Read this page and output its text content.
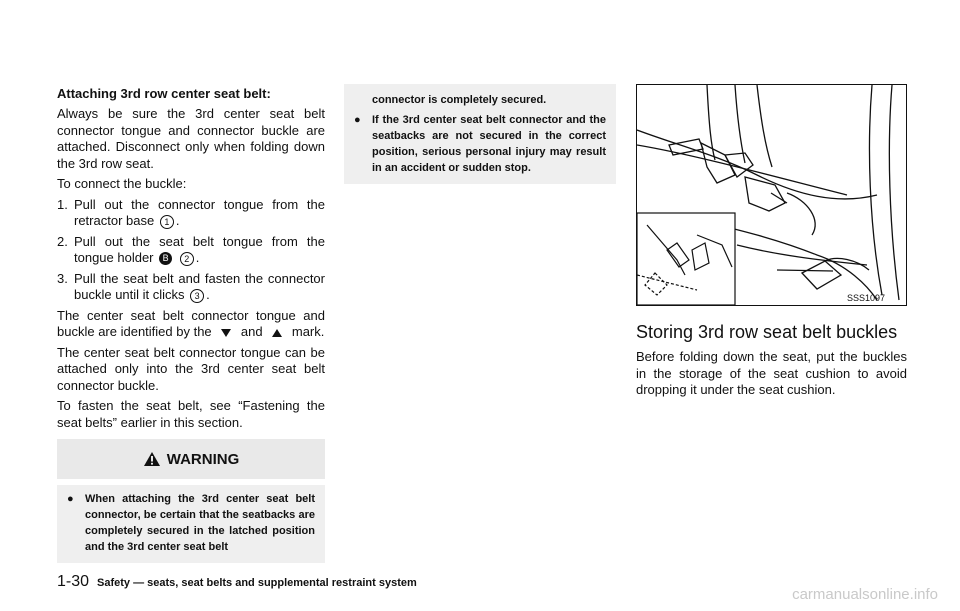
Attaching 3rd row center seat belt:

Always be sure the 3rd center seat belt connector tongue and connector buckle are attached. Disconnect only when folding down the 3rd row seat.

To connect the buckle:

1. Pull out the connector tongue from the retractor base 1 .
2. Pull out the seat belt tongue from the tongue holder B 2 .
3. Pull the seat belt and fasten the connector buckle until it clicks 3 .

The center seat belt connector tongue and buckle are identified by the and mark.

The center seat belt connector tongue can be attached only into the 3rd center seat belt connector buckle.

To fasten the seat belt, see “Fastening the seat belts” earlier in this section.

WARNING
●	When attaching the 3rd center seat belt connector, be certain that the seatbacks are completely secured in the latched position and the 3rd center seat belt
connector is completely secured.
●	If the 3rd center seat belt connector and the seatbacks are not secured in the correct position, serious personal injury may result in an accident or sudden stop.
SSS1097
Storing 3rd row seat belt buckles

Before folding down the seat, put the buckles in the storage of the seat cushion to avoid dropping it under the seat cushion.

1-30 Safety — seats, seat belts and supplemental restraint system
carmanualsonline.info
